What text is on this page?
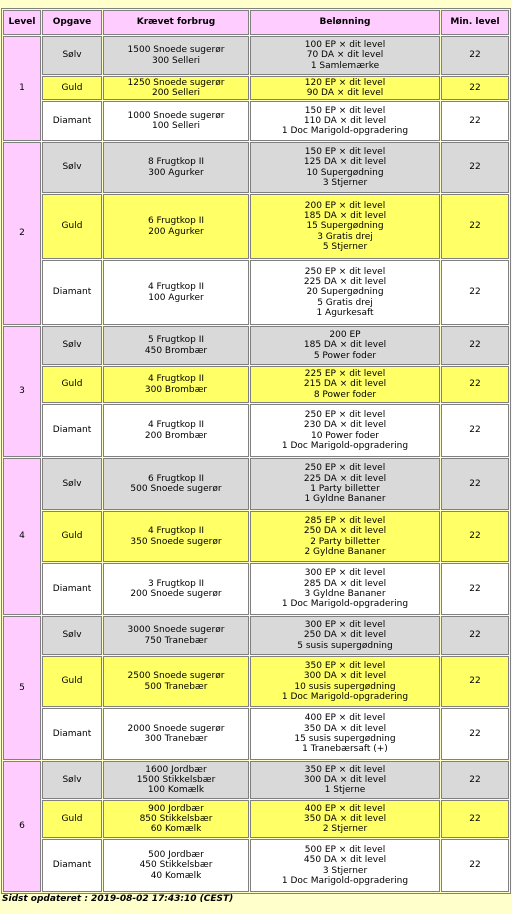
Level	Opgave	Krævet forbrug	Belønning	Min. level
1	Sølv	1500 Snoede sugerør
300 Selleri	100 EP × dit level
70 DA × dit level
1 Samlemærke	22
	Guld	1250 Snoede sugerør
200 Selleri	120 EP × dit level
90 DA × dit level	22
	Diamant	1000 Snoede sugerør
100 Selleri	150 EP × dit level
110 DA × dit level
1 Doc Marigold-opgradering	22
2	Sølv	8 Frugtkop II
300 Agurker	150 EP × dit level
125 DA × dit level
10 Supergødning
3 Stjerner	22
	Guld	6 Frugtkop II
200 Agurker	200 EP × dit level
185 DA × dit level
15 Supergødning
3 Gratis drej
5 Stjerner	22
	Diamant	4 Frugtkop II
100 Agurker	250 EP × dit level
225 DA × dit level
20 Supergødning
5 Gratis drej
1 Agurkesaft	22
3	Sølv	5 Frugtkop II
450 Brombær	200 EP
185 DA × dit level
5 Power foder	22
	Guld	4 Frugtkop II
300 Brombær	225 EP × dit level
215 DA × dit level
8 Power foder	22
	Diamant	4 Frugtkop II
200 Brombær	250 EP × dit level
230 DA × dit level
10 Power foder
1 Doc Marigold-opgradering	22
4	Sølv	6 Frugtkop II
500 Snoede sugerør	250 EP × dit level
225 DA × dit level
1 Party billetter
1 Gyldne Bananer	22
	Guld	4 Frugtkop II
350 Snoede sugerør	285 EP × dit level
250 DA × dit level
2 Party billetter
2 Gyldne Bananer	22
	Diamant	3 Frugtkop II
200 Snoede sugerør	300 EP × dit level
285 DA × dit level
3 Gyldne Bananer
1 Doc Marigold-opgradering	22
5	Sølv	3000 Snoede sugerør
750 Tranebær	300 EP × dit level
250 DA × dit level
5 susis supergødning	22
	Guld	2500 Snoede sugerør
500 Tranebær	350 EP × dit level
300 DA × dit level
10 susis supergødning
1 Doc Marigold-opgradering	22
	Diamant	2000 Snoede sugerør
300 Tranebær	400 EP × dit level
350 DA × dit level
15 susis supergødning
1 Tranebærsaft (+)	22
6	Sølv	1600 Jordbær
1500 Stikkelsbær
100 Komælk	350 EP × dit level
300 DA × dit level
1 Stjerne	22
	Guld	900 Jordbær
850 Stikkelsbær
60 Komælk	400 EP × dit level
350 DA × dit level
2 Stjerner	22
	Diamant	500 Jordbær
450 Stikkelsbær
40 Komælk	500 EP × dit level
450 DA × dit level
3 Stjerner
1 Doc Marigold-opgradering	22
Sidst opdateret : 2019-08-02 17:43:10 (CEST)
